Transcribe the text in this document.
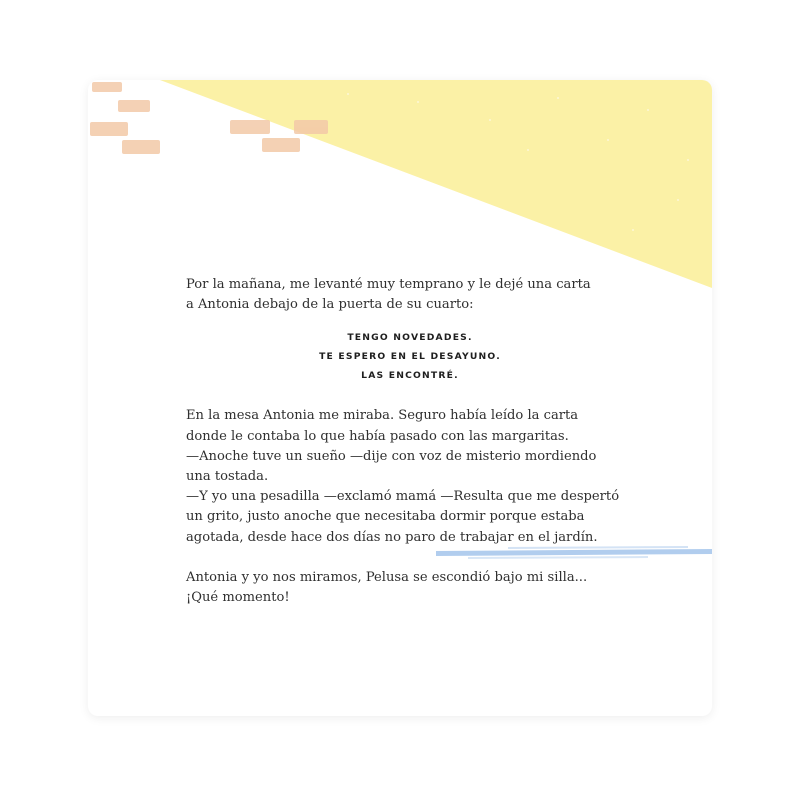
Por la mañana, me levanté muy temprano y le dejé una carta

a Antonia debajo de la puerta de su cuarto:

TENGO NOVEDADES.
TE ESPERO EN EL DESAYUNO.
LAS ENCONTRÉ.

En la mesa Antonia me miraba. Seguro había leído la carta

donde le contaba lo que había pasado con las margaritas.

—Anoche tuve un sueño —dije con voz de misterio mordiendo

una tostada.

—Y yo una pesadilla —exclamó mamá —Resulta que me despertó

un grito, justo anoche que necesitaba dormir porque estaba

agotada, desde hace dos días no paro de trabajar en el jardín.

Antonia y yo nos miramos, Pelusa se escondió bajo mi silla...

¡Qué momento!
